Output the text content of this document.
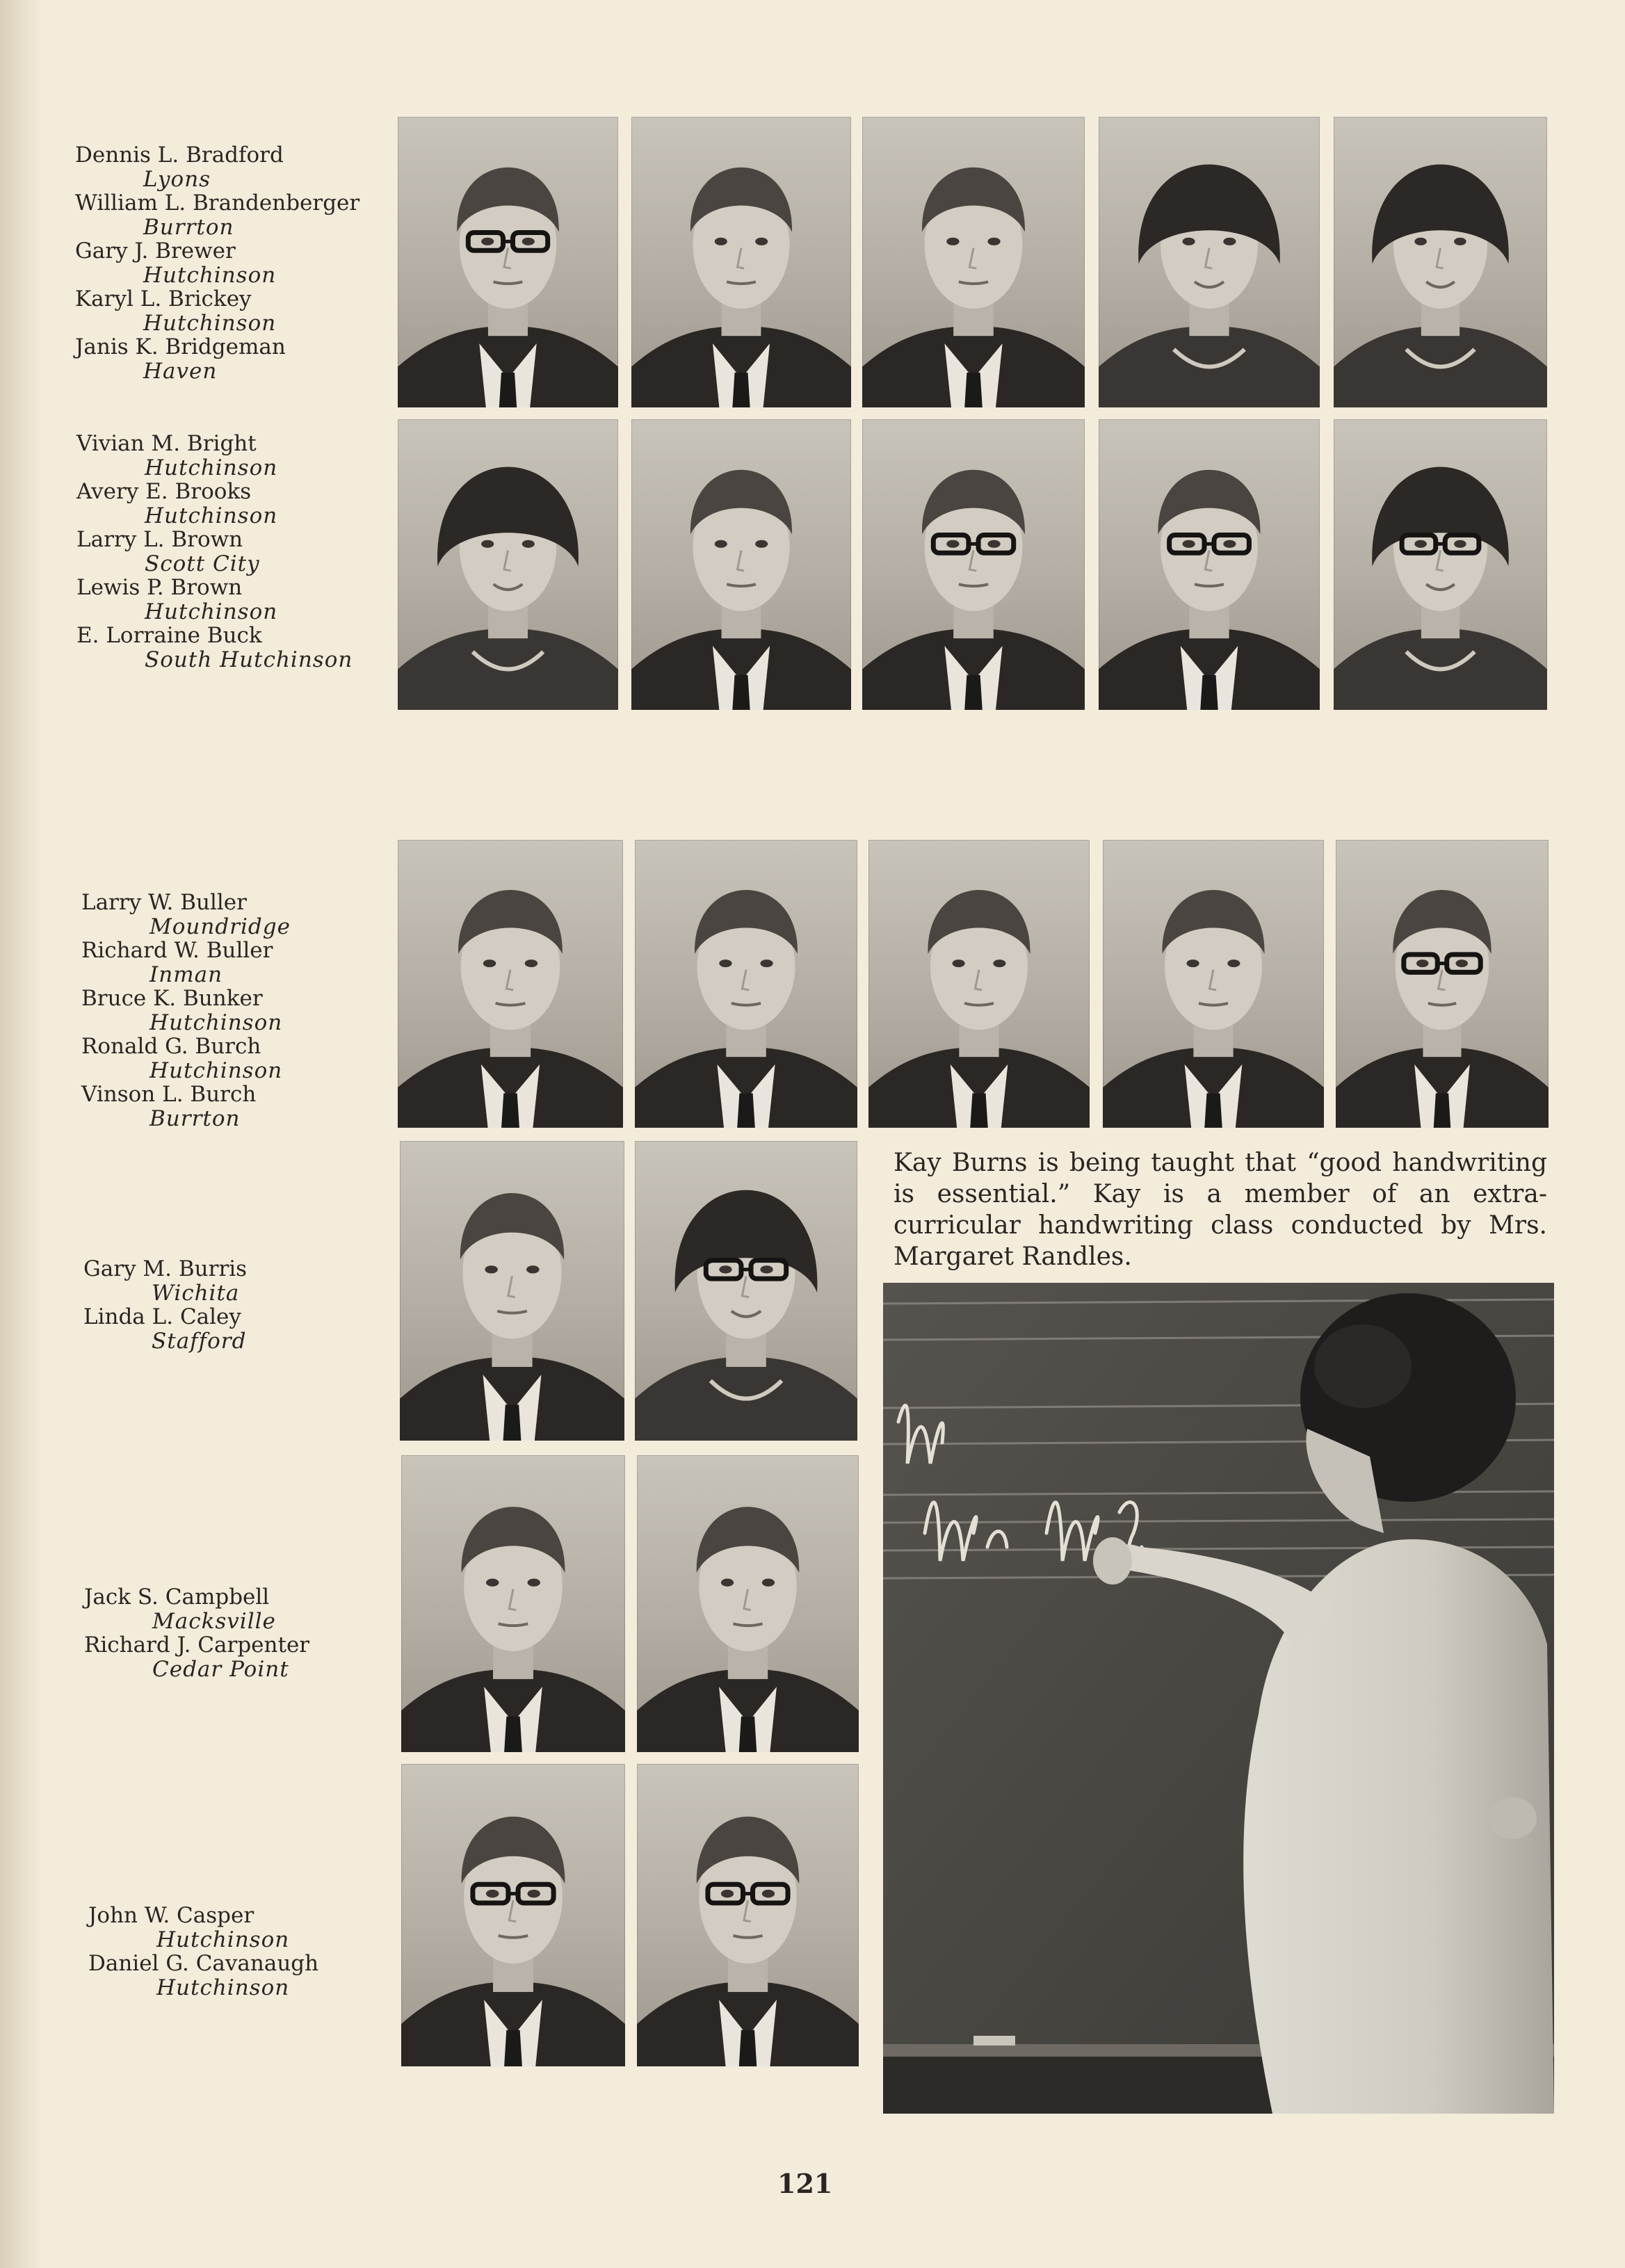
Dennis L. Bradford
Lyons
William L. Brandenberger
Burrton
Gary J. Brewer
Hutchinson
Karyl L. Brickey
Hutchinson
Janis K. Bridgeman
Haven
Vivian M. Bright
Hutchinson
Avery E. Brooks
Hutchinson
Larry L. Brown
Scott City
Lewis P. Brown
Hutchinson
E. Lorraine Buck
South Hutchinson
Larry W. Buller
Moundridge
Richard W. Buller
Inman
Bruce K. Bunker
Hutchinson
Ronald G. Burch
Hutchinson
Vinson L. Burch
Burrton
Gary M. Burris
Wichita
Linda L. Caley
Stafford
Jack S. Campbell
Macksville
Richard J. Carpenter
Cedar Point
John W. Casper
Hutchinson
Daniel G. Cavanaugh
Hutchinson
Kay Burns is being taught that “good handwriting is essential.” Kay is a member of an extra-curricular handwriting class conducted by Mrs. Margaret Randles.
121
